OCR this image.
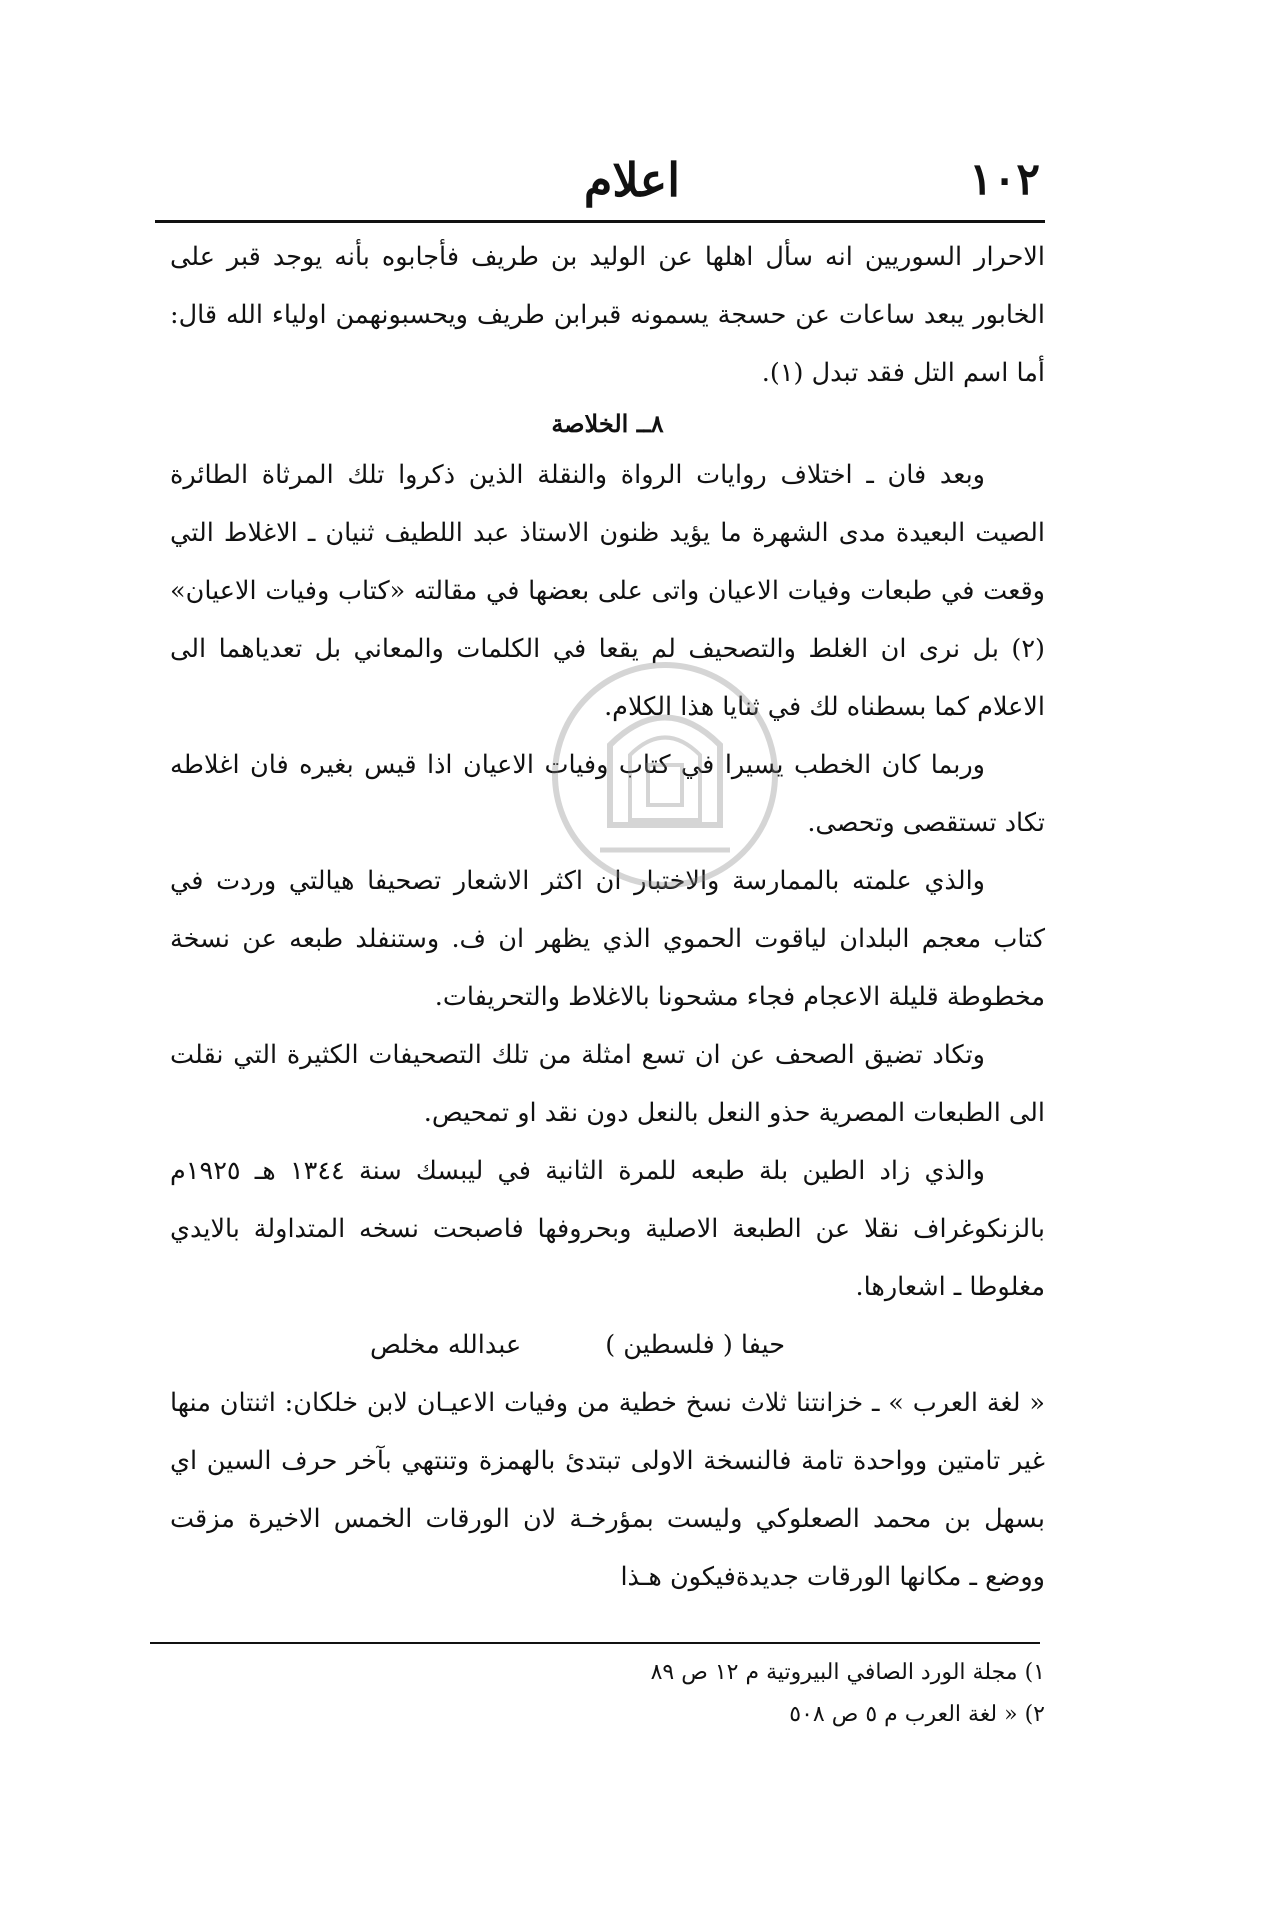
١٠٢
اعلام

الاحرار السوريين انه سأل اهلها عن الوليد بن طريف فأجابوه بأنه يوجد قبر على الخابور يبعد ساعات عن حسجة يسمونه قبرابن طريف ويحسبونهمن اولياء الله قال: أما اسم التل فقد تبدل (١).

٨ــ الخلاصة

وبعد فان ـ اختلاف روايات الرواة والنقلة الذين ذكروا تلك المرثاة الطائرة الصيت البعيدة مدى الشهرة ما يؤيد ظنون الاستاذ عبد اللطيف ثنيان ـ الاغلاط التي وقعت في طبعات وفيات الاعيان واتى على بعضها في مقالته «كتاب وفيات الاعيان» (٢) بل نرى ان الغلط والتصحيف لم يقعا في الكلمات والمعاني بل تعدياهما الى الاعلام كما بسطناه لك في ثنايا هذا الكلام.

وربما كان الخطب يسيرا في كتاب وفيات الاعيان اذا قيس بغيره فان اغلاطه تكاد تستقصى وتحصى.

والذي علمته بالممارسة والاختبار ان اكثر الاشعار تصحيفا هيالتي وردت في كتاب معجم البلدان لياقوت الحموي الذي يظهر ان ف. وستنفلد طبعه عن نسخة مخطوطة قليلة الاعجام فجاء مشحونا بالاغلاط والتحريفات.

وتكاد تضيق الصحف عن ان تسع امثلة من تلك التصحيفات الكثيرة التي نقلت الى الطبعات المصرية حذو النعل بالنعل دون نقد او تمحيص.

والذي زاد الطين بلة طبعه للمرة الثانية في ليبسك سنة ١٣٤٤ هـ ١٩٢٥م بالزنكوغراف نقلا عن الطبعة الاصلية وبحروفها فاصبحت نسخه المتداولة بالايدي مغلوطا ـ اشعارها.

حيفا ( فلسطين )
عبدالله مخلص

« لغة العرب » ـ خزانتنا ثلاث نسخ خطية من وفيات الاعيـان لابن خلكان: اثنتان منها غير تامتين وواحدة تامة فالنسخة الاولى تبتدئ بالهمزة وتنتهي بآخر حرف السين اي بسهل بن محمد الصعلوكي وليست بمؤرخـة لان الورقات الخمس الاخيرة مزقت ووضع ـ مكانها الورقات جديدةفيكون هـذا

١) مجلة الورد الصافي البيروتية م ١٢ ص ٨٩

٢) « لغة العرب م ٥ ص ٥٠٨
